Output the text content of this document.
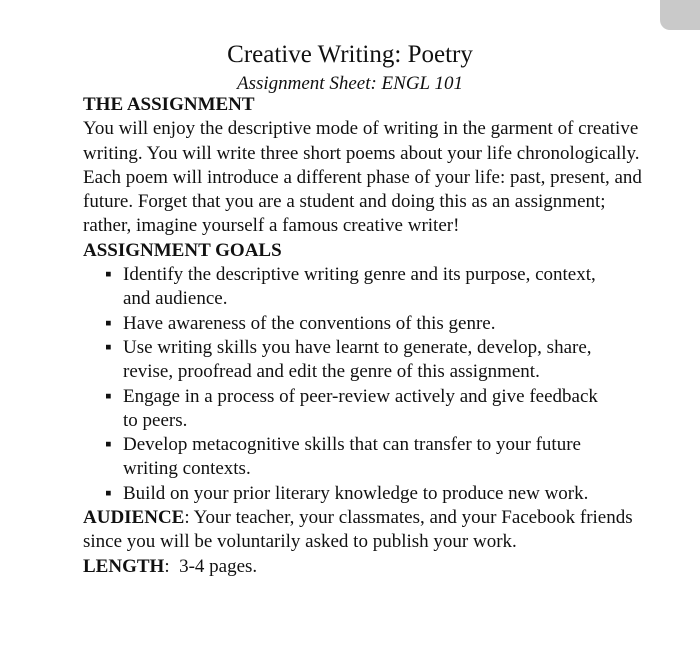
Creative Writing: Poetry
Assignment Sheet: ENGL 101

THE ASSIGNMENT

You will enjoy the descriptive mode of writing in the garment of creative writing. You will write three short poems about your life chronologically. Each poem will introduce a different phase of your life: past, present, and future. Forget that you are a student and doing this as an assignment; rather, imagine yourself a famous creative writer!

ASSIGNMENT GOALS

▪ Identify the descriptive writing genre and its purpose, context, and audience.
▪ Have awareness of the conventions of this genre.
▪ Use writing skills you have learnt to generate, develop, share, revise, proofread and edit the genre of this assignment.
▪ Engage in a process of peer-review actively and give feedback to peers.
▪ Develop metacognitive skills that can transfer to your future writing contexts.
▪ Build on your prior literary knowledge to produce new work.

AUDIENCE: Your teacher, your classmates, and your Facebook friends since you will be voluntarily asked to publish your work.

LENGTH:  3-4 pages.
